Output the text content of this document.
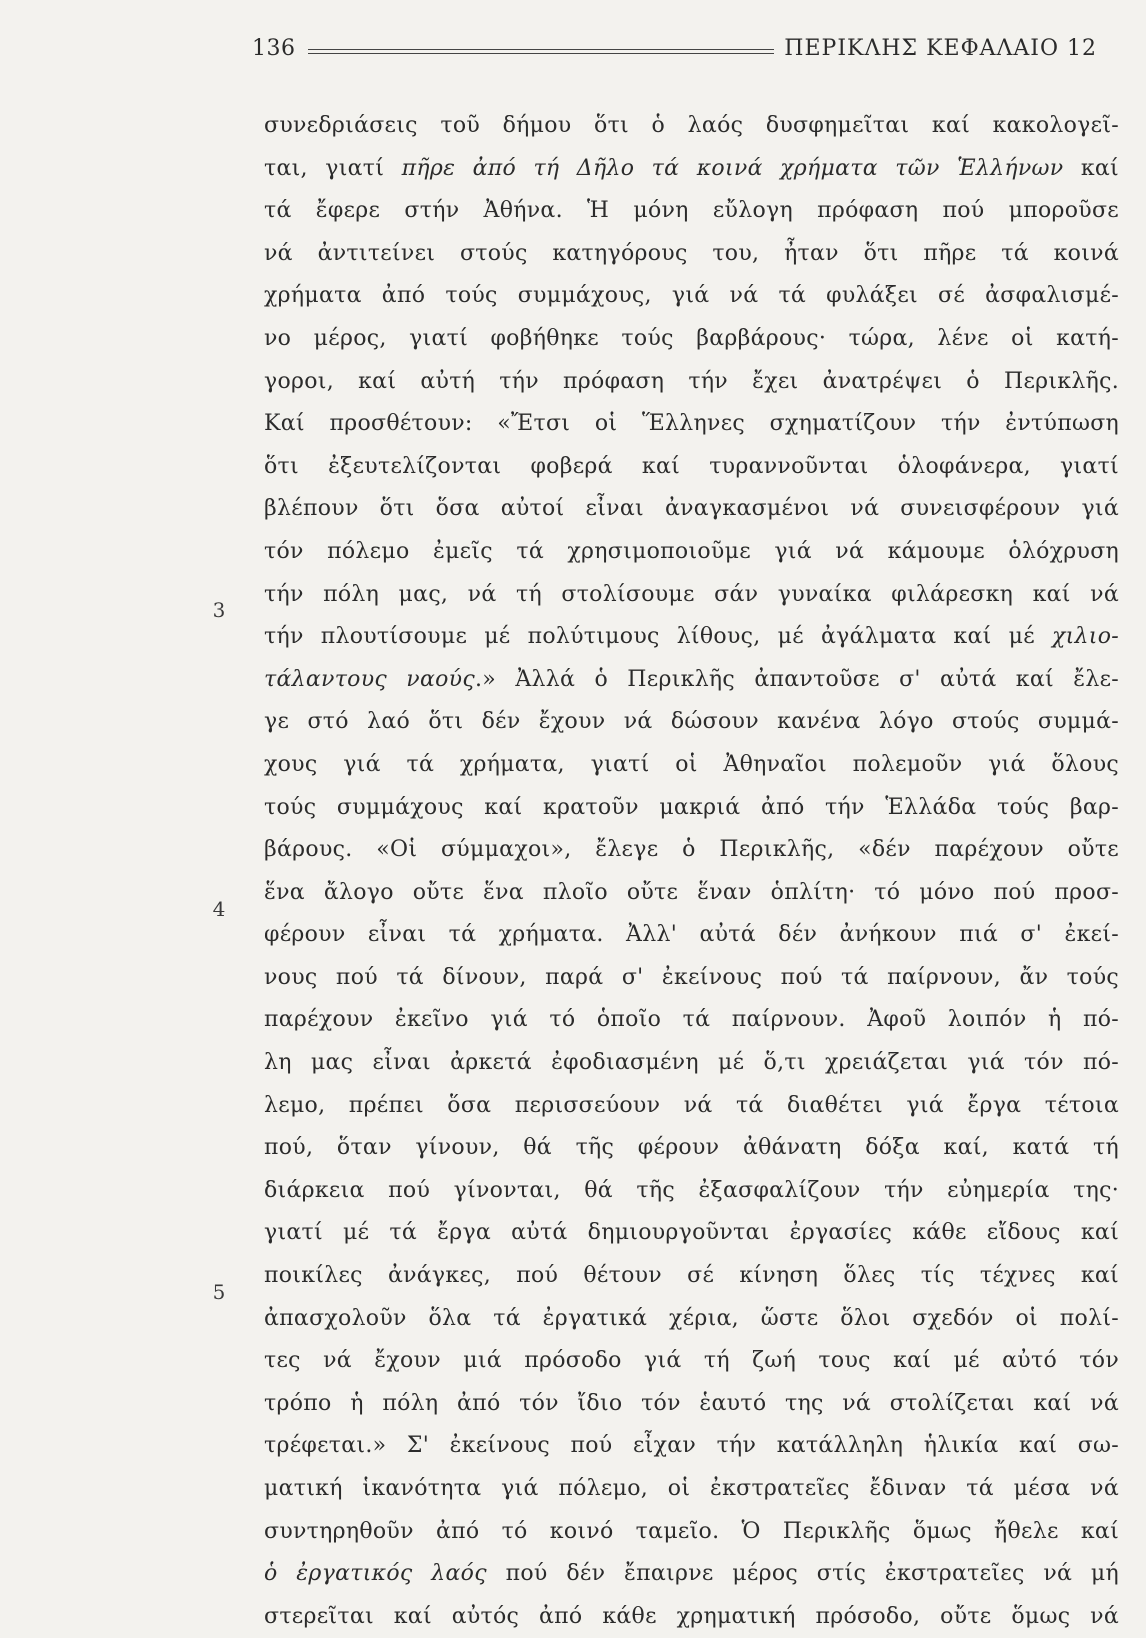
136	ΠΕΡΙΚΛΗΣ ΚΕΦΑΛΑΙΟ 12
3
4
5
συνεδριάσεις τοῦ δήμου ὅτι ὁ λαός δυσφημεῖται καί κακολογεῖ-
ται, γιατί πῆρε ἀπό τή Δῆλο τά κοινά χρήματα τῶν Ἑλλήνων καί
τά ἔφερε στήν Ἀθήνα. Ἡ μόνη εὔλογη πρόφαση πού μποροῦσε
νά ἀντιτείνει στούς κατηγόρους του, ἦταν ὅτι πῆρε τά κοινά
χρήματα ἀπό τούς συμμάχους, γιά νά τά φυλάξει σέ ἀσφαλισμέ-
νο μέρος, γιατί φοβήθηκε τούς βαρβάρους· τώρα, λένε οἱ κατή-
γοροι, καί αὐτή τήν πρόφαση τήν ἔχει ἀνατρέψει ὁ Περικλῆς.
Καί προσθέτουν: «Ἔτσι οἱ Ἕλληνες σχηματίζουν τήν ἐντύπωση
ὅτι ἐξευτελίζονται φοβερά καί τυραννοῦνται ὁλοφάνερα, γιατί
βλέπουν ὅτι ὅσα αὐτοί εἶναι ἀναγκασμένοι νά συνεισφέρουν γιά
τόν πόλεμο ἐμεῖς τά χρησιμοποιοῦμε γιά νά κάμουμε ὁλόχρυση
τήν πόλη μας, νά τή στολίσουμε σάν γυναίκα φιλάρεσκη καί νά
τήν πλουτίσουμε μέ πολύτιμους λίθους, μέ ἀγάλματα καί μέ χιλιο-
τάλαντους ναούς.» Ἀλλά ὁ Περικλῆς ἀπαντοῦσε σ' αὐτά καί ἔλε-
γε στό λαό ὅτι δέν ἔχουν νά δώσουν κανένα λόγο στούς συμμά-
χους γιά τά χρήματα, γιατί οἱ Ἀθηναῖοι πολεμοῦν γιά ὅλους
τούς συμμάχους καί κρατοῦν μακριά ἀπό τήν Ἑλλάδα τούς βαρ-
βάρους. «Οἱ σύμμαχοι», ἔλεγε ὁ Περικλῆς, «δέν παρέχουν οὔτε
ἕνα ἄλογο οὔτε ἕνα πλοῖο οὔτε ἕναν ὁπλίτη· τό μόνο πού προσ-
φέρουν εἶναι τά χρήματα. Ἀλλ' αὐτά δέν ἀνήκουν πιά σ' ἐκεί-
νους πού τά δίνουν, παρά σ' ἐκείνους πού τά παίρνουν, ἄν τούς
παρέχουν ἐκεῖνο γιά τό ὁποῖο τά παίρνουν. Ἀφοῦ λοιπόν ἡ πό-
λη μας εἶναι ἀρκετά ἐφοδιασμένη μέ ὅ,τι χρειάζεται γιά τόν πό-
λεμο, πρέπει ὅσα περισσεύουν νά τά διαθέτει γιά ἔργα τέτοια
πού, ὅταν γίνουν, θά τῆς φέρουν ἀθάνατη δόξα καί, κατά τή
διάρκεια πού γίνονται, θά τῆς ἐξασφαλίζουν τήν εὐημερία της·
γιατί μέ τά ἔργα αὐτά δημιουργοῦνται ἐργασίες κάθε εἴδους καί
ποικίλες ἀνάγκες, πού θέτουν σέ κίνηση ὅλες τίς τέχνες καί
ἀπασχολοῦν ὅλα τά ἐργατικά χέρια, ὥστε ὅλοι σχεδόν οἱ πολί-
τες νά ἔχουν μιά πρόσοδο γιά τή ζωή τους καί μέ αὐτό τόν
τρόπο ἡ πόλη ἀπό τόν ἴδιο τόν ἑαυτό της νά στολίζεται καί νά
τρέφεται.» Σ' ἐκείνους πού εἶχαν τήν κατάλληλη ἡλικία καί σω-
ματική ἱκανότητα γιά πόλεμο, οἱ ἐκστρατεῖες ἔδιναν τά μέσα νά
συντηρηθοῦν ἀπό τό κοινό ταμεῖο. Ὁ Περικλῆς ὅμως ἤθελε καί
ὁ ἐργατικός λαός πού δέν ἔπαιρνε μέρος στίς ἐκστρατεῖες νά μή
στερεῖται καί αὐτός ἀπό κάθε χρηματική πρόσοδο, οὔτε ὅμως νά
